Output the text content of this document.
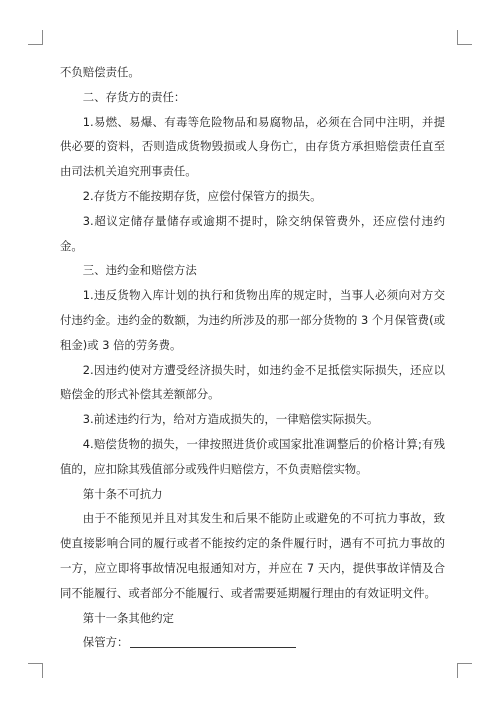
不负赔偿责任。

二、存货方的责任：

1.易燃、易爆、有毒等危险物品和易腐物品，必须在合同中注明，并提供必要的资料，否则造成货物毁损或人身伤亡，由存货方承担赔偿责任直至由司法机关追究刑事责任。

2.存货方不能按期存货，应偿付保管方的损失。

3.超议定储存量储存或逾期不提时，除交纳保管费外，还应偿付违约金。

三、违约金和赔偿方法

1.违反货物入库计划的执行和货物出库的规定时，当事人必须向对方交付违约金。违约金的数额，为违约所涉及的那一部分货物的 3 个月保管费(或租金)或 3 倍的劳务费。

2.因违约使对方遭受经济损失时，如违约金不足抵偿实际损失，还应以赔偿金的形式补偿其差额部分。

3.前述违约行为，给对方造成损失的，一律赔偿实际损失。

4.赔偿货物的损失，一律按照进货价或国家批准调整后的价格计算;有残值的，应扣除其残值部分或残件归赔偿方，不负责赔偿实物。

第十条不可抗力

由于不能预见并且对其发生和后果不能防止或避免的不可抗力事故，致使直接影响合同的履行或者不能按约定的条件履行时，遇有不可抗力事故的一方，应立即将事故情况电报通知对方，并应在 7 天内，提供事故详情及合同不能履行、或者部分不能履行、或者需要延期履行理由的有效证明文件。

第十一条其他约定

保管方：
